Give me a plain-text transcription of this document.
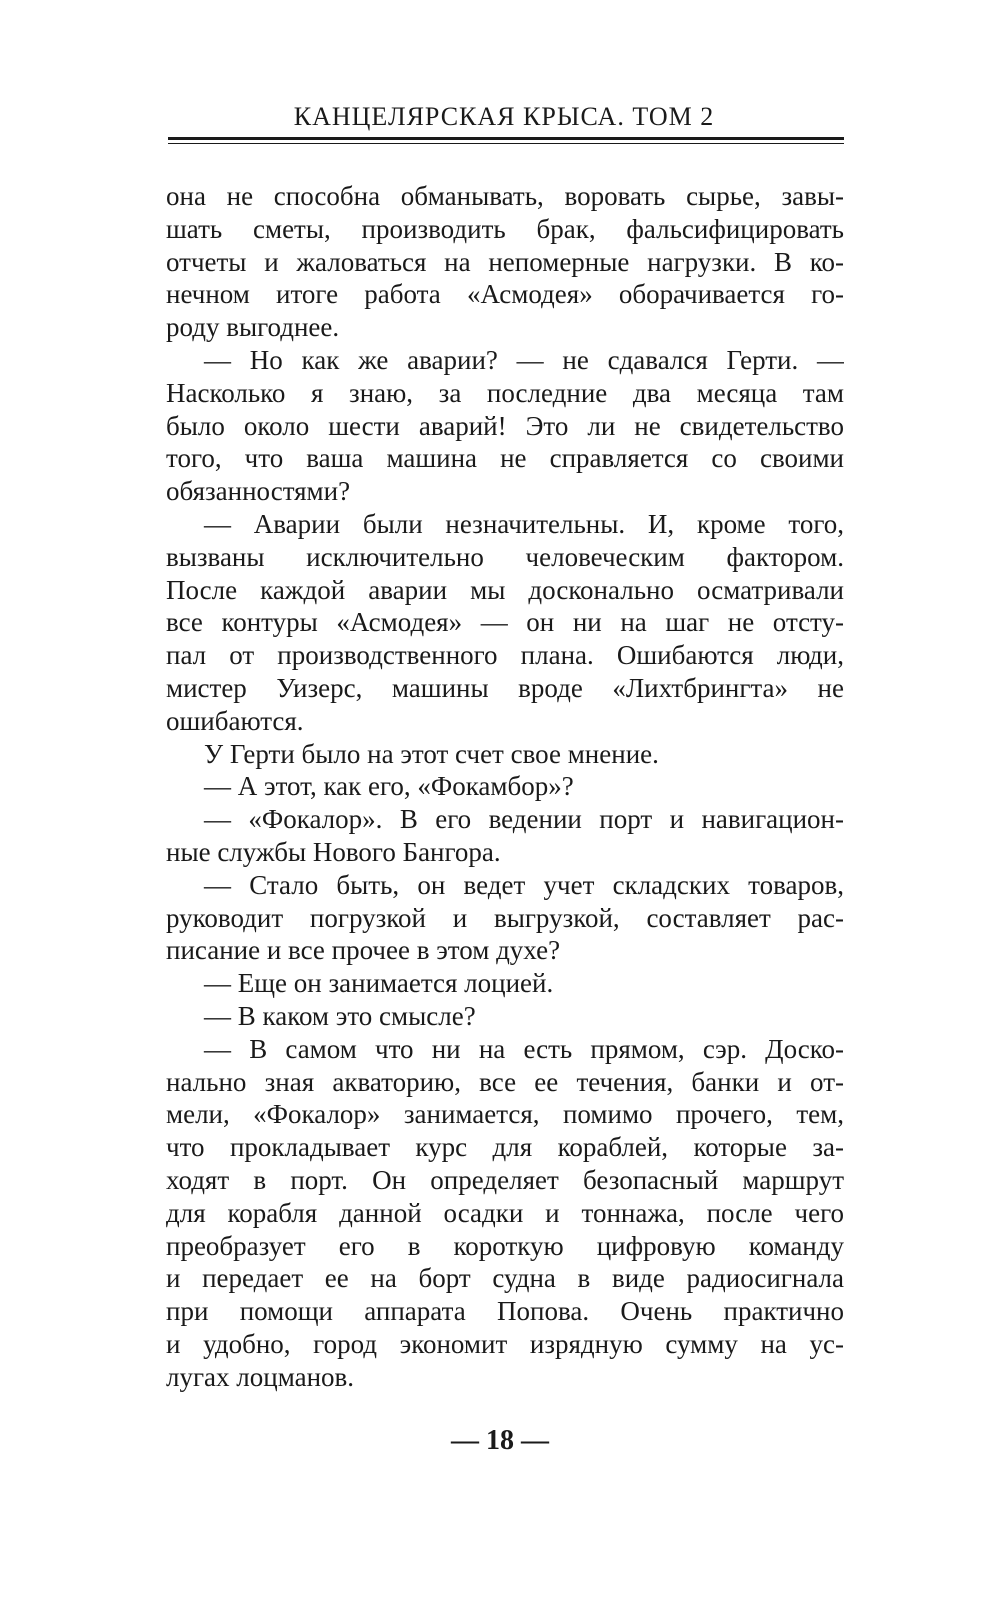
КАНЦЕЛЯРСКАЯ КРЫСА. ТОМ 2
она не способна обманывать, воровать сырье, завы-
шать сметы, производить брак, фальсифицировать
отчеты и жаловаться на непомерные нагрузки. В ко-
нечном итоге работа «Асмодея» оборачивается го-
роду выгоднее.
— Но как же аварии? — не сдавался Герти. —
Насколько я знаю, за последние два месяца там
было около шести аварий! Это ли не свидетельство
того, что ваша машина не справляется со своими
обязанностями?
— Аварии были незначительны. И, кроме того,
вызваны исключительно человеческим фактором.
После каждой аварии мы досконально осматривали
все контуры «Асмодея» — он ни на шаг не отсту-
пал от производственного плана. Ошибаются люди,
мистер Уизерс, машины вроде «Лихтбрингта» не
ошибаются.
У Герти было на этот счет свое мнение.
— А этот, как его, «Фокамбор»?
— «Фокалор». В его ведении порт и навигацион-
ные службы Нового Бангора.
— Стало быть, он ведет учет складских товаров,
руководит погрузкой и выгрузкой, составляет рас-
писание и все прочее в этом духе?
— Еще он занимается лоцией.
— В каком это смысле?
— В самом что ни на есть прямом, сэр. Доско-
нально зная акваторию, все ее течения, банки и от-
мели, «Фокалор» занимается, помимо прочего, тем,
что прокладывает курс для кораблей, которые за-
ходят в порт. Он определяет безопасный маршрут
для корабля данной осадки и тоннажа, после чего
преобразует его в короткую цифровую команду
и передает ее на борт судна в виде радиосигнала
при помощи аппарата Попова. Очень практично
и удобно, город экономит изрядную сумму на ус-
лугах лоцманов.
— 18 —
